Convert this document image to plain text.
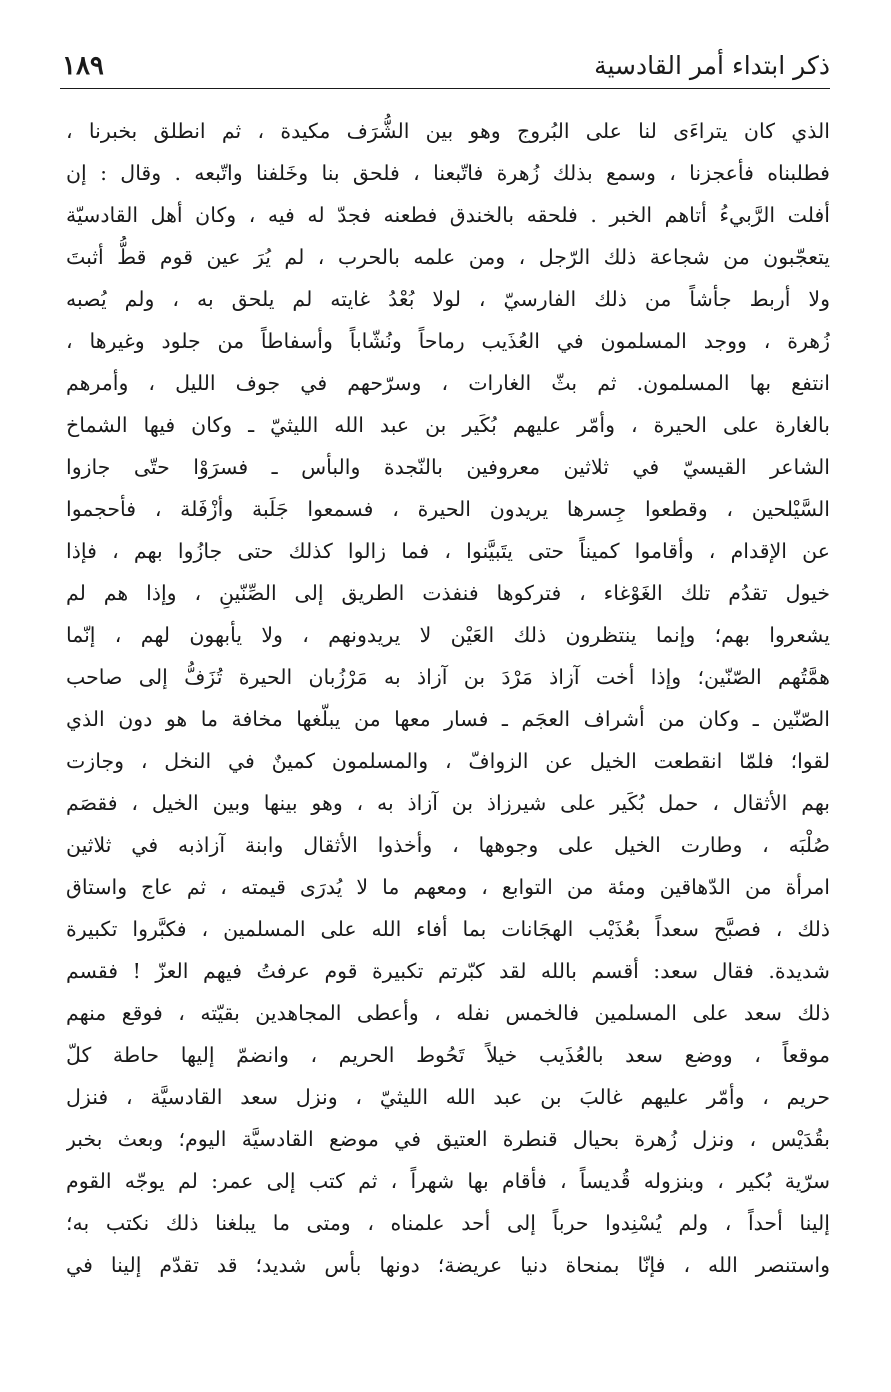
ذكر ابتداء أمر القادسية
١٨٩
الذي كان يتراءَى لنا على البُروج وهو بين الشُّرَف مكيدة ، ثم انطلق بخبرنا ،
فطلبناه فأعجزنا ، وسمع بذلك زُهرة فاتّبعنا ، فلحق بنا وخَلفنا واتّبعه . وقال : إن
أفلت الرَّبيءُ أتاهم الخبر . فلحقه بالخندق فطعنه فجدّ له فيه ، وكان أهل القادسيّة
يتعجّبون من شجاعة ذلك الرّجل ، ومن علمه بالحرب ، لم يُرَ عين قوم قطُّ أثبتَ
ولا أربط جأشاً من ذلك الفارسيّ ، لولا بُعْدُ غايته لم يلحق به ، ولم يُصبه
زُهرة ، ووجد المسلمون في العُذَيب رماحاً ونُشّاباً وأسفاطاً من جلود وغيرها ،
انتفع بها المسلمون. ثم بثّ الغارات ، وسرّحهم في جوف الليل ، وأمرهم
بالغارة على الحيرة ، وأمّر عليهم بُكَير بن عبد الله الليثيّ ـ وكان فيها الشماخ
الشاعر القيسيّ في ثلاثين معروفين بالنّجدة والبأس ـ فسرَوْا حتّى جازوا
السَّيْلحين ، وقطعوا جِسرها يريدون الحيرة ، فسمعوا جَلَبة وأزْفَلة ، فأحجموا
عن الإقدام ، وأقاموا كميناً حتى يتَبيَّنوا ، فما زالوا كذلك حتى جازُوا بهم ، فإذا
خيول تقدُم تلك الغَوْغاء ، فتركوها فنفذت الطريق إلى الصِّنّينِ ، وإذا هم لم
يشعروا بهم؛ وإنما ينتظرون ذلك العَيْن لا يريدونهم ، ولا يأبهون لهم ، إنّما
همَّتُهم الصّنّين؛ وإذا أخت آزاذ مَرْدَ بن آزاذ به مَرْزُبان الحيرة تُزَفُّ إلى صاحب
الصّنّين ـ وكان من أشراف العجَم ـ فسار معها من يبلّغها مخافة ما هو دون الذي
لقوا؛ فلمّا انقطعت الخيل عن الزوافّ ، والمسلمون كمينٌ في النخل ، وجازت
بهم الأثقال ، حمل بُكَير على شيرزاذ بن آزاذ به ، وهو بينها وبين الخيل ، فقصَم
صُلْبَه ، وطارت الخيل على وجوهها ، وأخذوا الأثقال وابنة آزاذبه في ثلاثين
امرأة من الدّهاقين ومئة من التوابع ، ومعهم ما لا يُدرَى قيمته ، ثم عاج واستاق
ذلك ، فصبَّح سعداً بعُذَيْب الهجَانات بما أفاء الله على المسلمين ، فكبَّروا تكبيرة
شديدة. فقال سعد: أقسم بالله لقد كبّرتم تكبيرة قوم عرفتُ فيهم العزّ ! فقسم
ذلك سعد على المسلمين فالخمس نفله ، وأعطى المجاهدين بقيّته ، فوقع منهم
موقعاً ، ووضع سعد بالعُذَيب خيلاً تَحُوط الحريم ، وانضمّ إليها حاطة كلّ
حريم ، وأمّر عليهم غالبَ بن عبد الله الليثيّ ، ونزل سعد القادسيَّة ، فنزل
بقُدَيْس ، ونزل زُهرة بحيال قنطرة العتيق في موضع القادسيَّة اليوم؛ وبعث بخبر
سرّية بُكير ، وبنزوله قُديساً ، فأقام بها شهراً ، ثم كتب إلى عمر: لم يوجّه القوم
إلينا أحداً ، ولم يُسْنِدوا حرباً إلى أحد علمناه ، ومتى ما يبلغنا ذلك نكتب به؛
واستنصر الله ، فإنّا بمنحاة دنيا عريضة؛ دونها بأس شديد؛ قد تقدّم إلينا في
